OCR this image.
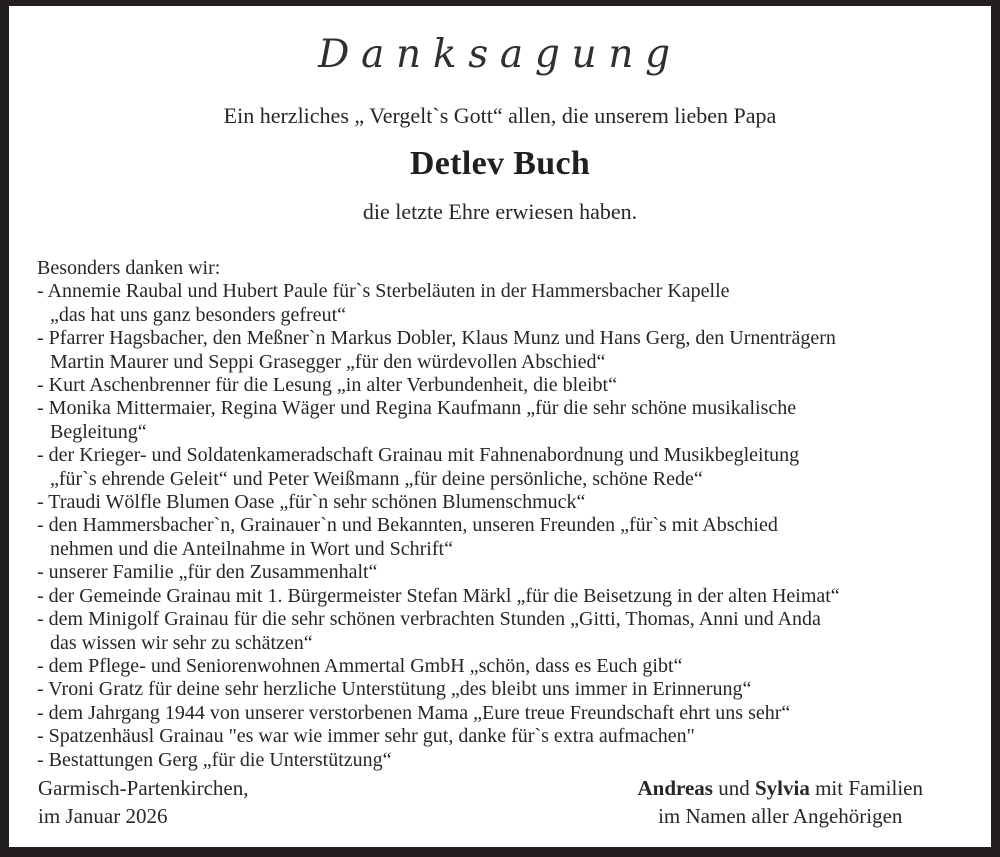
Danksagung
Ein herzliches „ Vergelt`s Gott“ allen, die unserem lieben Papa
Detlev Buch
die letzte Ehre erwiesen haben.
Besonders danken wir:
- Annemie Raubal und Hubert Paule für`s Sterbeläuten in der Hammersbacher Kapelle
„das hat uns ganz besonders gefreut“
- Pfarrer Hagsbacher, den Meßner`n Markus Dobler, Klaus Munz und Hans Gerg, den Urnenträgern
Martin Maurer und Seppi Grasegger „für den würdevollen Abschied“
- Kurt Aschenbrenner für die Lesung „in alter Verbundenheit, die bleibt“
- Monika Mittermaier, Regina Wäger und Regina Kaufmann „für die sehr schöne musikalische
Begleitung“
- der Krieger- und Soldatenkameradschaft Grainau mit Fahnenabordnung und Musikbegleitung
„für`s ehrende Geleit“ und Peter Weißmann „für deine persönliche, schöne Rede“
- Traudi Wölfle Blumen Oase „für`n sehr schönen Blumenschmuck“
- den Hammersbacher`n, Grainauer`n und Bekannten, unseren Freunden „für`s mit Abschied
nehmen und die Anteilnahme in Wort und Schrift“
- unserer Familie „für den Zusammenhalt“
- der Gemeinde Grainau mit 1. Bürgermeister Stefan Märkl „für die Beisetzung in der alten Heimat“
- dem Minigolf Grainau für die sehr schönen verbrachten Stunden „Gitti, Thomas, Anni und Anda
das wissen wir sehr zu schätzen“
- dem Pflege- und Seniorenwohnen Ammertal GmbH „schön, dass es Euch gibt“
- Vroni Gratz für deine sehr herzliche Unterstütung „des bleibt uns immer in Erinnerung“
- dem Jahrgang 1944 von unserer verstorbenen Mama „Eure treue Freundschaft ehrt uns sehr“
- Spatzenhäusl Grainau "es war wie immer sehr gut, danke für`s extra aufmachen"
- Bestattungen Gerg „für die Unterstützung“
Garmisch-Partenkirchen,
im Januar 2026
Andreas und Sylvia mit Familien
im Namen aller Angehörigen
